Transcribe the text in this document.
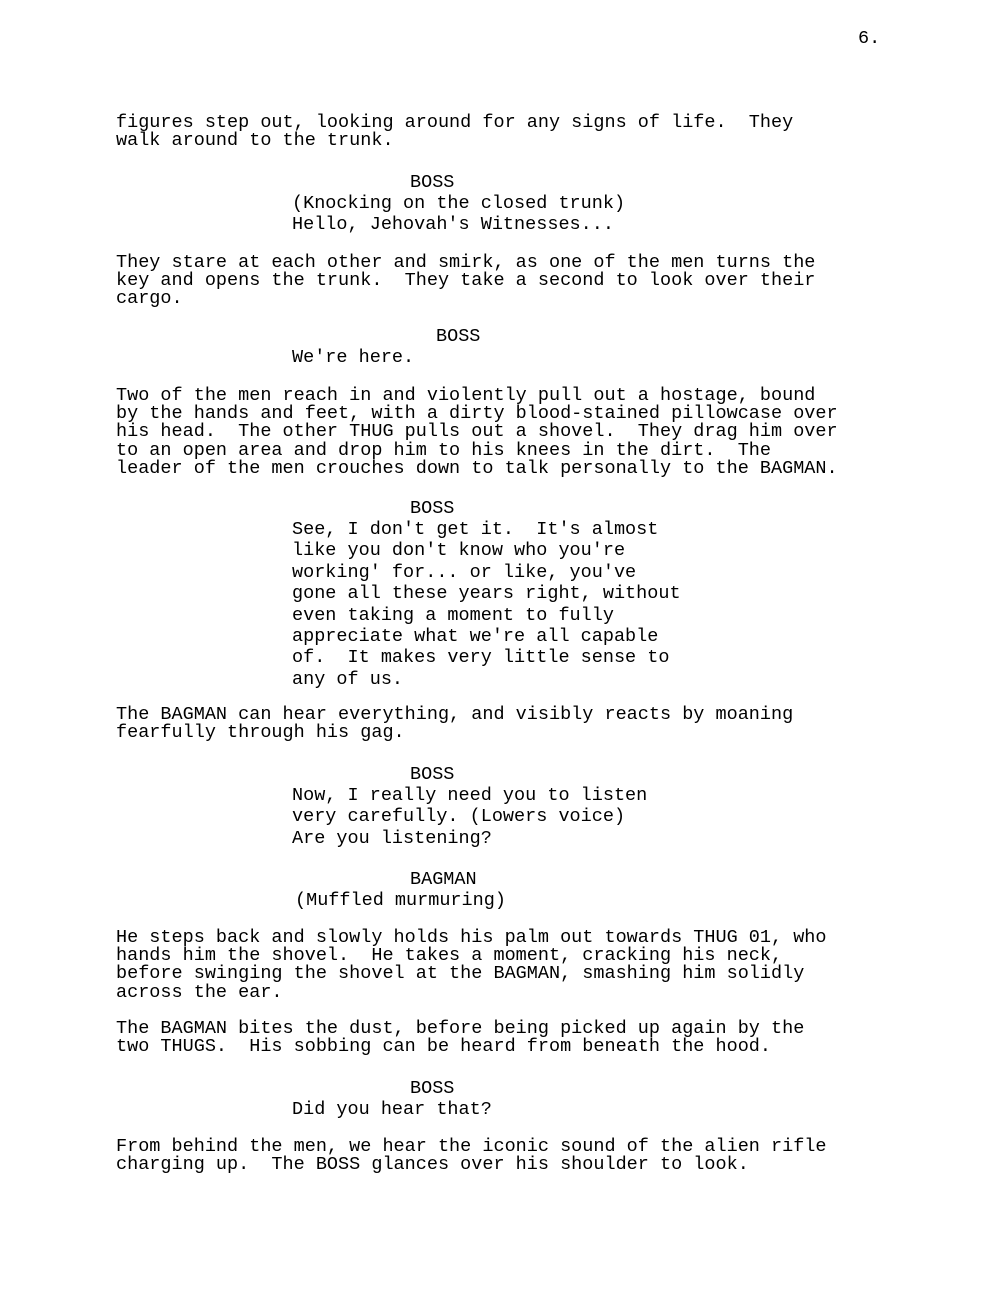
6.
figures step out, looking around for any signs of life.  They
walk around to the trunk.
BOSS
(Knocking on the closed trunk)
Hello, Jehovah's Witnesses...
They stare at each other and smirk, as one of the men turns the
key and opens the trunk.  They take a second to look over their
cargo.
BOSS
We're here.
Two of the men reach in and violently pull out a hostage, bound
by the hands and feet, with a dirty blood-stained pillowcase over
his head.  The other THUG pulls out a shovel.  They drag him over
to an open area and drop him to his knees in the dirt.  The
leader of the men crouches down to talk personally to the BAGMAN.
BOSS
See, I don't get it.  It's almost
like you don't know who you're
working' for... or like, you've
gone all these years right, without
even taking a moment to fully
appreciate what we're all capable
of.  It makes very little sense to
any of us.
The BAGMAN can hear everything, and visibly reacts by moaning
fearfully through his gag.
BOSS
Now, I really need you to listen
very carefully. (Lowers voice)
Are you listening?
BAGMAN
(Muffled murmuring)
He steps back and slowly holds his palm out towards THUG 01, who
hands him the shovel.  He takes a moment, cracking his neck,
before swinging the shovel at the BAGMAN, smashing him solidly
across the ear.
The BAGMAN bites the dust, before being picked up again by the
two THUGS.  His sobbing can be heard from beneath the hood.
BOSS
Did you hear that?
From behind the men, we hear the iconic sound of the alien rifle
charging up.  The BOSS glances over his shoulder to look.
